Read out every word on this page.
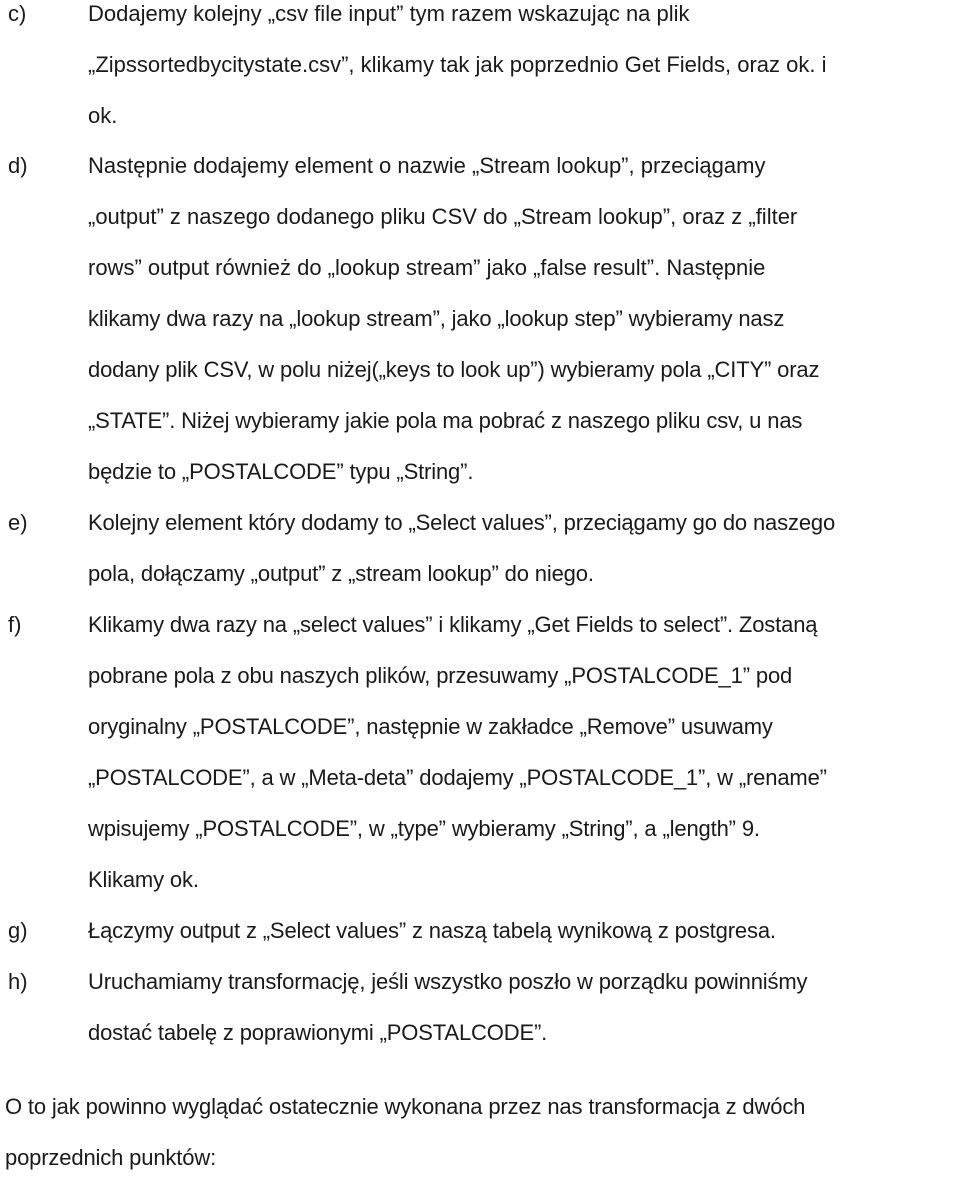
c)	Dodajemy kolejny „csv file input” tym razem wskazując na plik
„Zipssortedbycitystate.csv”, klikamy tak jak poprzednio Get Fields, oraz ok. i
ok.
d)	Następnie dodajemy element o nazwie „Stream lookup”, przeciągamy
„output” z naszego dodanego pliku CSV do „Stream lookup”, oraz z „filter
rows” output również do „lookup stream” jako „false result”. Następnie
klikamy dwa razy na „lookup stream”, jako „lookup step” wybieramy nasz
dodany plik CSV, w polu niżej(„keys to look up”) wybieramy pola „CITY” oraz
„STATE”. Niżej wybieramy jakie pola ma pobrać z naszego pliku csv, u nas
będzie to „POSTALCODE” typu „String”.
e)	Kolejny element który dodamy to „Select values”, przeciągamy go do naszego
pola, dołączamy „output” z „stream lookup” do niego.
f)	Klikamy dwa razy na „select values” i klikamy „Get Fields to select”. Zostaną
pobrane pola z obu naszych plików, przesuwamy „POSTALCODE_1” pod
oryginalny „POSTALCODE”, następnie w zakładce „Remove” usuwamy
„POSTALCODE”, a w „Meta-deta” dodajemy „POSTALCODE_1”, w „rename”
wpisujemy „POSTALCODE”, w „type” wybieramy „String”, a „length” 9.
Klikamy ok.
g)	Łączymy output z „Select values” z naszą tabelą wynikową z postgresa.
h)	Uruchamiamy transformację, jeśli wszystko poszło w porządku powinniśmy
dostać tabelę z poprawionymi „POSTALCODE”.
O to jak powinno wyglądać ostatecznie wykonana przez nas transformacja z dwóch
poprzednich punktów:
